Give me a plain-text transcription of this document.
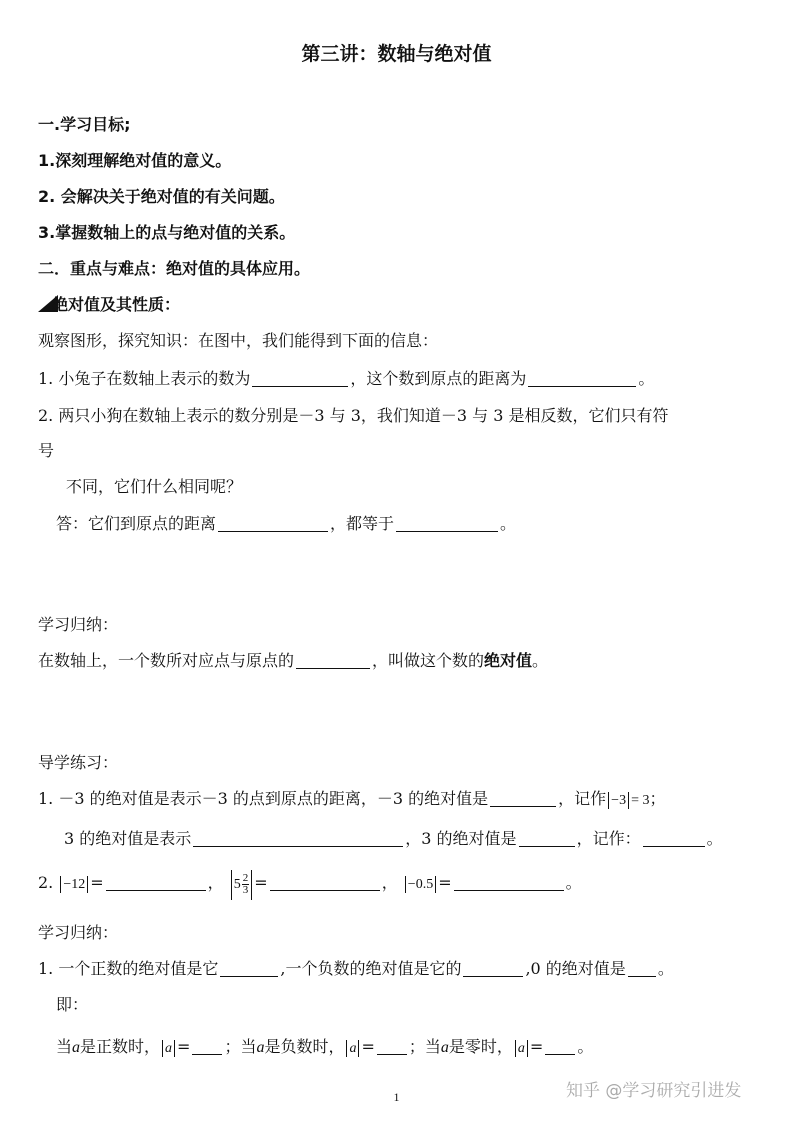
第三讲：数轴与绝对值
一.学习目标;
1.深刻理解绝对值的意义。
2. 会解决关于绝对值的有关问题。
3.掌握数轴上的点与绝对值的关系。
二．重点与难点：绝对值的具体应用。
绝对值及其性质：
观察图形，探究知识：在图中，我们能得到下面的信息：
1. 小兔子在数轴上表示的数为	，这个数到原点的距离为	。
2. 两只小狗在数轴上表示的数分别是－3 与 3，我们知道－3 与 3 是相反数，它们只有符
号
不同，它们什么相同呢？
答：它们到原点的距离	，都等于	。
学习归纳：
在数轴上，一个数所对应点与原点的	，叫做这个数的绝对值。
导学练习：
1. －3 的绝对值是表示－3 的点到原点的距离，－3 的绝对值是	，记作 −3 = 3；
3 的绝对值是表示	，3 的绝对值是	，记作：	。
2. −12 =	， $5 \frac{2}{3}$ =	， −0.5 =	。
学习归纳：
1. 一个正数的绝对值是它	,一个负数的绝对值是它的	,0 的绝对值是 。
即：
当a是正数时， a = ；当a是负数时， a = ；当a是零时， a = 。
1	知乎 @学习研究引进发
